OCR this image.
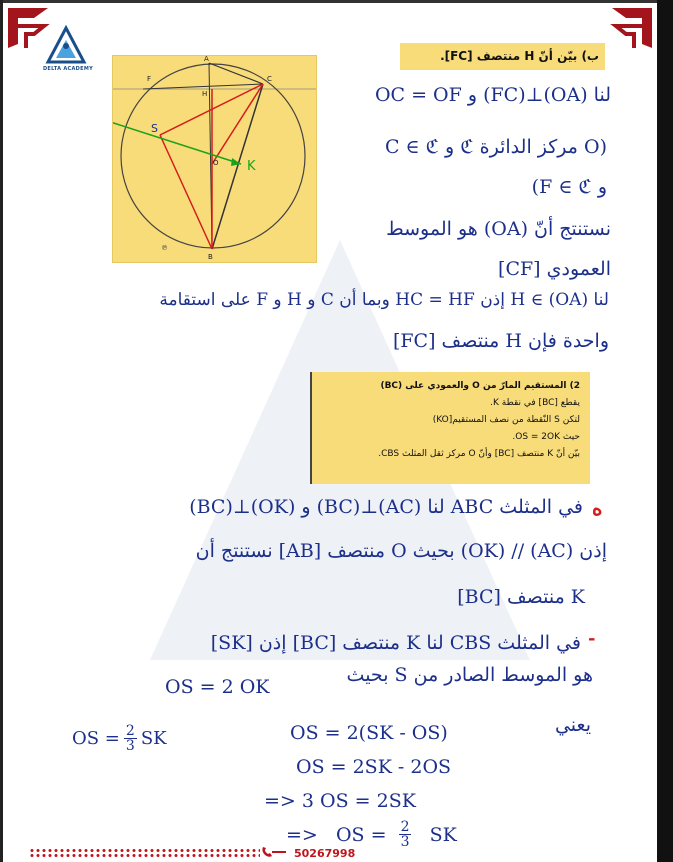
DELTA ACADEMY
ب) بيّن أنّ H منتصف [FC].
A
B
C
F
H
O
S
K
℗
لنا (OA)⊥(FC) و OC = OF
(O مركز الدائرة ℭ و C ∈ ℭ
و F ∈ ℭ)
نستنتج أنّ (OA) هو الموسط
العمودي [CF]
لنا H ∈ (OA) إذن HC = HF وبما أن C و H و F على استقامة
واحدة فإن H منتصف [FC]
2) المستقيم المارّ من O والعمودي على (BC)
يقطع [BC] في نقطة K.
لتكن S النّقطة من نصف المستقيم[KO)
حيث OS = 2OK.
بيّن أنّ K منتصف [BC] وأنّ O مركز ثقل المثلث CBS.
ه
في المثلث ABC لنا (AC)⊥(BC) و (OK)⊥(BC)
إذن (AC) // (OK) بحيث O منتصف [AB] نستنتج أن
K منتصف [BC]
-
في المثلث CBS لنا K منتصف [BC] إذن [SK]
هو الموسط الصادر من S بحيث
OS = 2 OK
يعني
OS = $\frac{2}{3}$ SK	OS = 2(SK - OS)
OS = 2SK - 2OS
=> 3 OS = 2SK
=>   OS = $\frac{2}{3}$ SK
50267998
